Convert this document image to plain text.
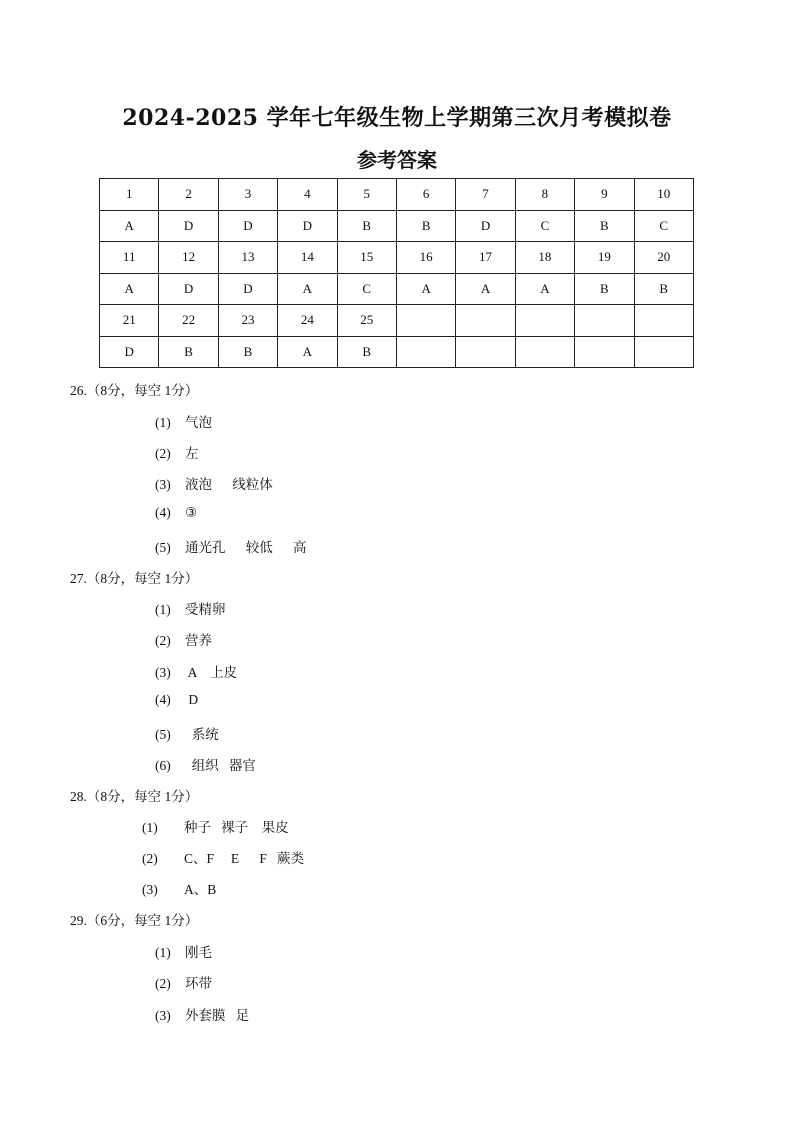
2024-2025 学年七年级生物上学期第三次月考模拟卷
参考答案
1	2	3	4	5	6	7	8	9	10
A	D	D	D	B	B	D	C	B	C
11	12	13	14	15	16	17	18	19	20
A	D	D	A	C	A	A	A	B	B
21	22	23	24	25					
D	B	B	A	B					
26.（8分，每空 1分）
(1) 气泡
(2) 左
(3) 液泡      线粒体
(4) ③
(5) 通光孔      较低      高
27.（8分，每空 1分）
(1) 受精卵
(2) 营养
(3) A    上皮
(4) D
(5)  系统
(6)  组织   器官
28.（8分，每空 1分）
(1) 种子   裸子    果皮
(2) C、F     E      F   蕨类
(3) A、B
29.（6分，每空 1分）
(1) 刚毛
(2) 环带
(3) 外套膜   足
